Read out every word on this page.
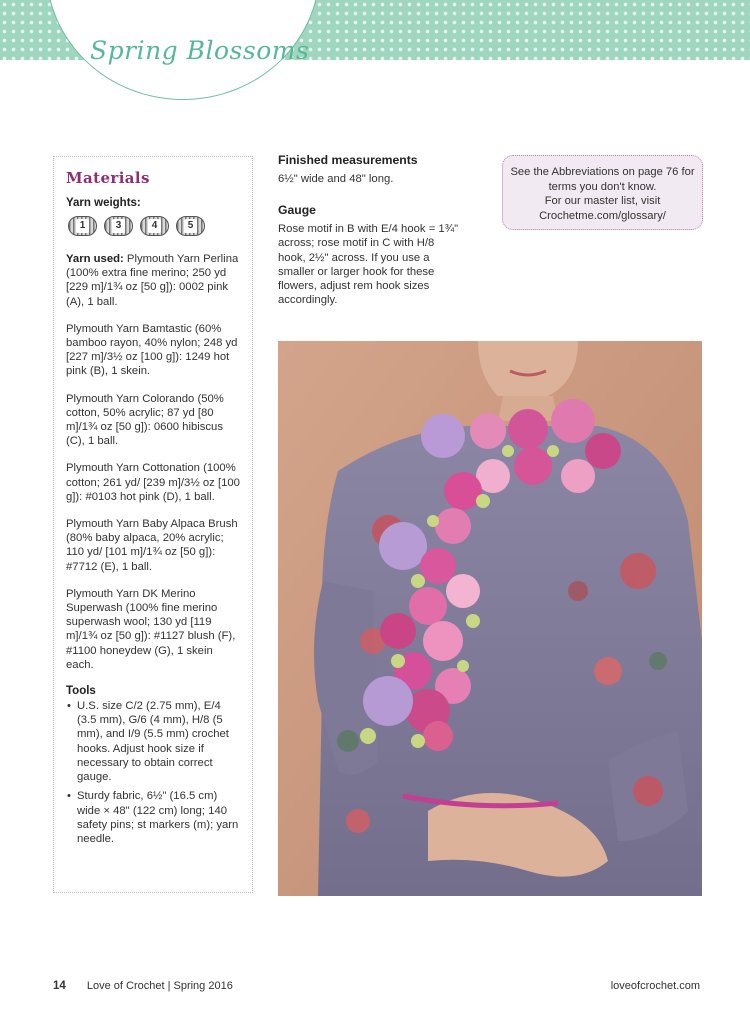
Spring Blossoms
Materials

Yarn weights:

1	3	4	5

Yarn used: Plymouth Yarn Perlina (100% extra fine merino; 250 yd [229 m]/1¾ oz [50 g]): 0002 pink (A), 1 ball.

Plymouth Yarn Bamtastic (60% bamboo rayon, 40% nylon; 248 yd [227 m]/3½ oz [100 g]): 1249 hot pink (B), 1 skein.

Plymouth Yarn Colorando (50% cotton, 50% acrylic; 87 yd [80 m]/1¾ oz [50 g]): 0600 hibiscus (C), 1 ball.

Plymouth Yarn Cottonation (100% cotton; 261 yd/ [239 m]/3½ oz [100 g]): #0103 hot pink (D), 1 ball.

Plymouth Yarn Baby Alpaca Brush (80% baby alpaca, 20% acrylic; 110 yd/ [101 m]/1¾ oz [50 g]): #7712 (E), 1 ball.

Plymouth Yarn DK Merino Superwash (100% fine merino superwash wool; 130 yd [119 m]/1¾ oz [50 g]): #1127 blush (F), #1100 honeydew (G), 1 skein each.

Tools

• U.S. size C/2 (2.75 mm), E/4 (3.5 mm), G/6 (4 mm), H/8 (5 mm), and I/9 (5.5 mm) crochet hooks. Adjust hook size if necessary to obtain correct gauge.

• Sturdy fabric, 6½" (16.5 cm) wide × 48" (122 cm) long; 140 safety pins; st markers (m); yarn needle.

Finished measurements

6½" wide and 48" long.

Gauge

Rose motif in B with E/4 hook = 1¾" across; rose motif in C with H/8 hook, 2½" across. If you use a smaller or larger hook for these flowers, adjust rem hook sizes accordingly.

See the Abbreviations on page 76 for terms you don't know.
For our master list, visit Crochetme.com/glossary/
14 Love of Crochet | Spring 2016	loveofcrochet.com
